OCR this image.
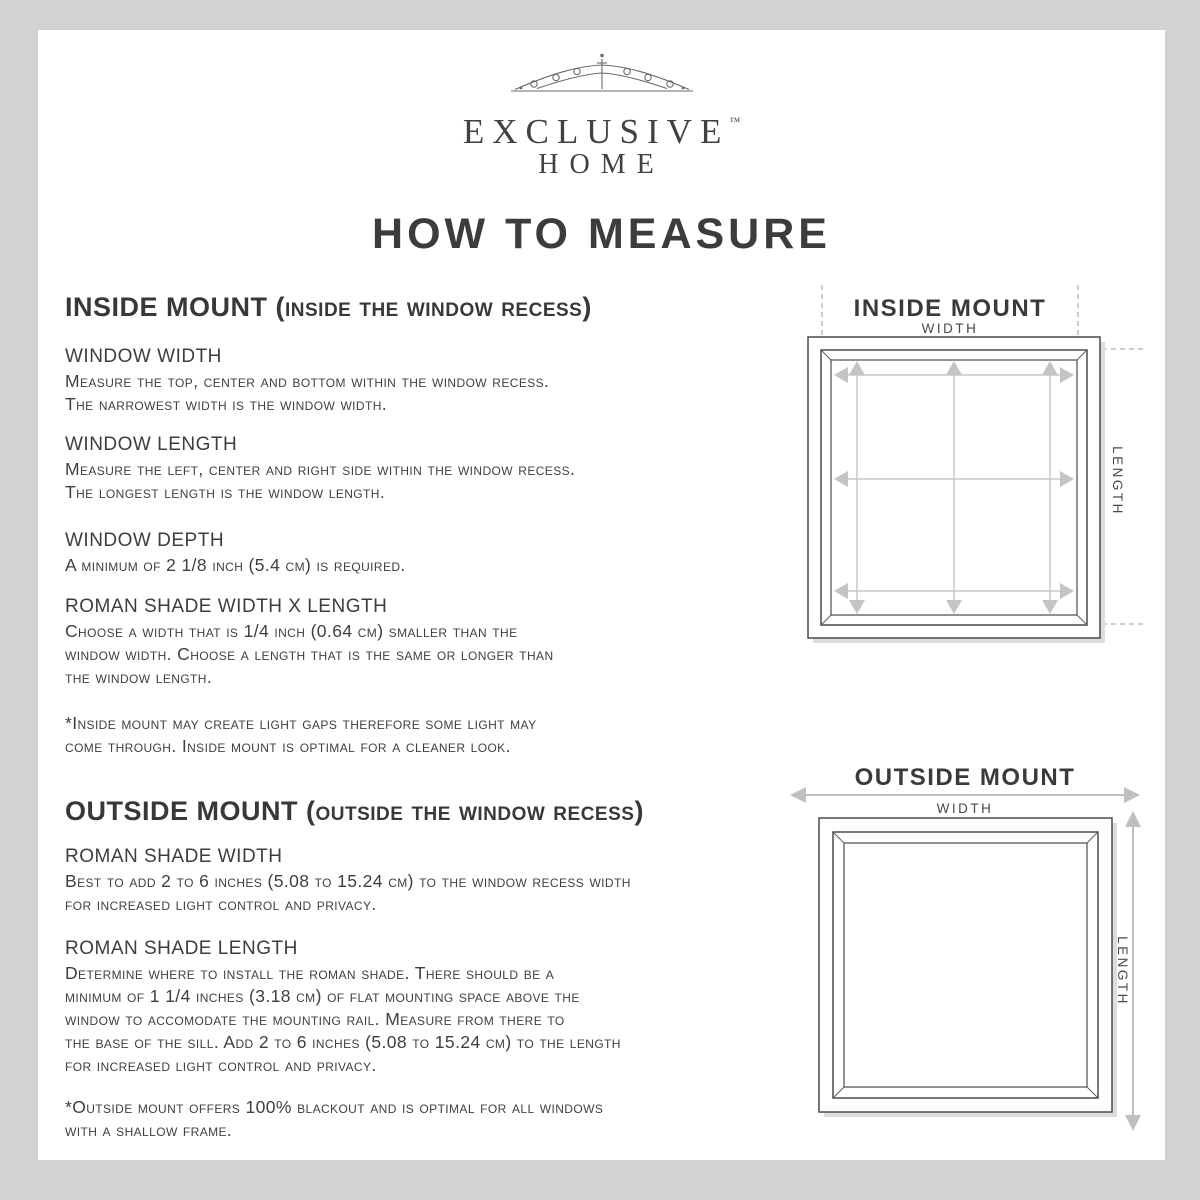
EXCLUSIVE™
HOME
HOW TO MEASURE
INSIDE MOUNT (inside the window recess)
WINDOW WIDTH
Measure the top, center and bottom within the window recess.
The narrowest width is the window width.
WINDOW LENGTH
Measure the left, center and right side within the window recess.
The longest length is the window length.
WINDOW DEPTH
A minimum of 2 1/8 inch (5.4 cm) is required.
ROMAN SHADE WIDTH X LENGTH
Choose a width that is 1/4 inch (0.64 cm) smaller than the
window width. Choose a length that is the same or longer than
the window length.
*Inside mount may create light gaps therefore some light may
come through. Inside mount is optimal for a cleaner look.
OUTSIDE MOUNT (outside the window recess)
ROMAN SHADE WIDTH
Best to add 2 to 6 inches (5.08 to 15.24 cm) to the window recess width
for increased light control and privacy.
ROMAN SHADE LENGTH
Determine where to install the roman shade. There should be a
minimum of 1 1/4 inches (3.18 cm) of flat mounting space above the
window to accomodate the mounting rail. Measure from there to
the base of the sill. Add 2 to 6 inches (5.08 to 15.24 cm) to the length
for increased light control and privacy.
*Outside mount offers 100% blackout and is optimal for all windows
with a shallow frame.
INSIDE MOUNT
WIDTH
LENGTH
OUTSIDE MOUNT
WIDTH
LENGTH
